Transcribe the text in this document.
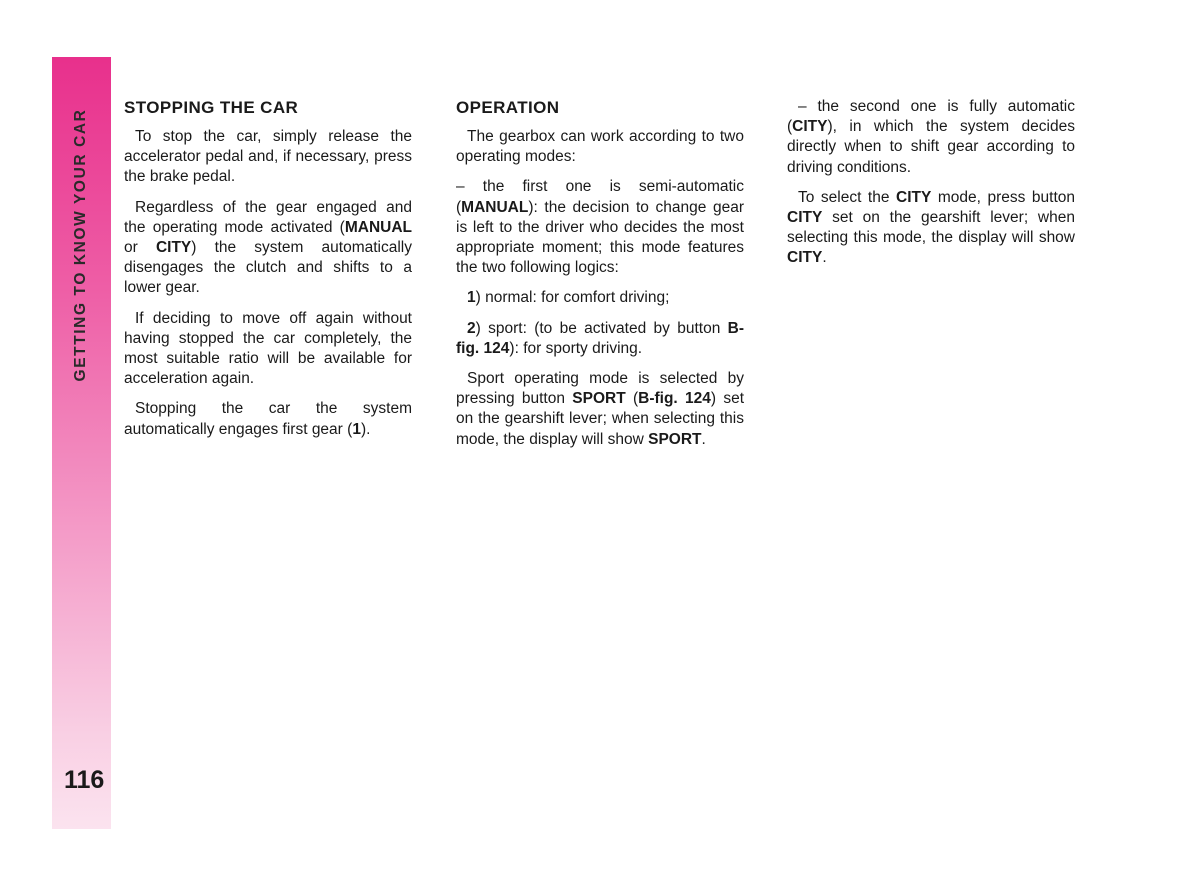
GETTING TO KNOW YOUR CAR
116
STOPPING THE CAR

To stop the car, simply release the accelerator pedal and, if necessary, press the brake pedal.

Regardless of the gear engaged and the operating mode activated (MANUAL or CITY) the system automatically disengages the clutch and shifts to a lower gear.

If deciding to move off again without having stopped the car completely, the most suitable ratio will be available for acceleration again.

Stopping the car the system automatically engages first gear (1).

OPERATION

The gearbox can work according to two operating modes:

– the first one is semi-automatic (MANUAL): the decision to change gear is left to the driver who decides the most appropriate moment; this mode features the two following logics:

1) normal: for comfort driving;

2) sport: (to be activated by button B-fig. 124): for sporty driving.

Sport operating mode is selected by pressing button SPORT (B-fig. 124) set on the gearshift lever; when selecting this mode, the display will show SPORT.

– the second one is fully automatic (CITY), in which the system decides directly when to shift gear according to driving conditions.

To select the CITY mode, press button CITY set on the gearshift lever; when selecting this mode, the display will show CITY.
